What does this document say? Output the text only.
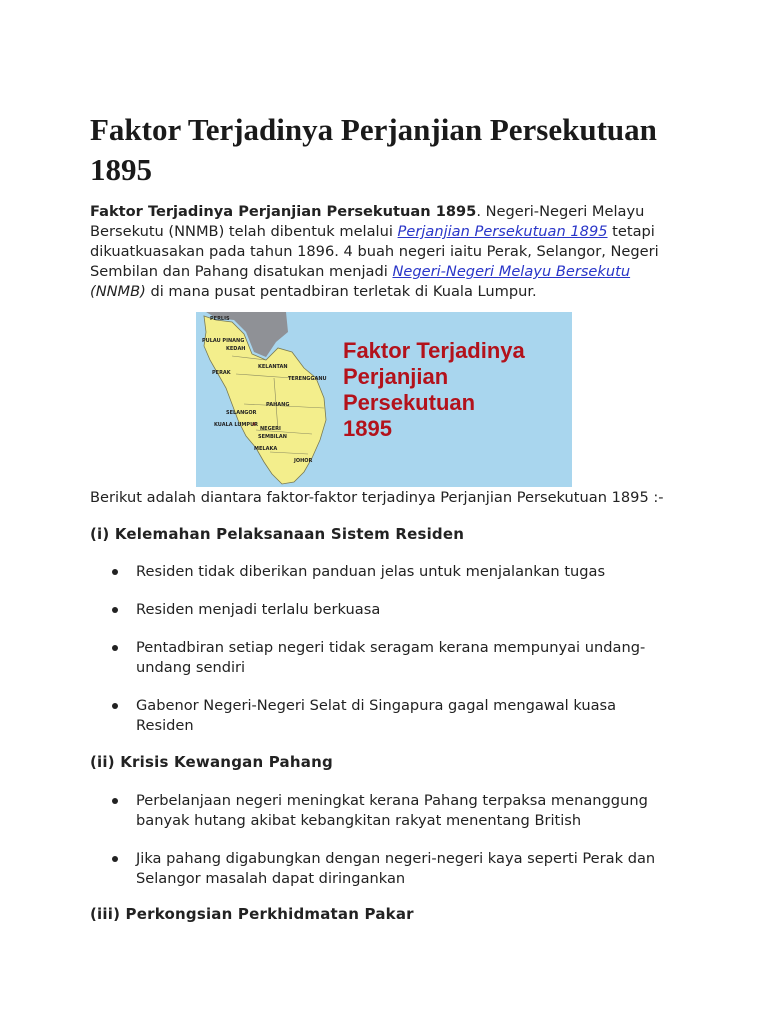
Faktor Terjadinya Perjanjian Persekutuan 1895

Faktor Terjadinya Perjanjian Persekutuan 1895. Negeri-Negeri Melayu Bersekutu (NNMB) telah dibentuk melalui Perjanjian Persekutuan 1895 tetapi dikuatkuasakan pada tahun 1896. 4 buah negeri iaitu Perak, Selangor, Negeri Sembilan dan Pahang disatukan menjadi Negeri-Negeri Melayu Bersekutu (NNMB) di mana pusat pentadbiran terletak di Kuala Lumpur.

PERLIS
KEDAH
PULAU PINANG
KELANTAN
TERENGGANU
PERAK
PAHANG
SELANGOR
KUALA LUMPUR
NEGERI
SEMBILAN
MELAKA
JOHOR
Faktor Terjadinya
Perjanjian
Persekutuan
1895

Berikut adalah diantara faktor-faktor terjadinya Perjanjian Persekutuan 1895 :-

(i) Kelemahan Pelaksanaan Sistem Residen
Residen tidak diberikan panduan jelas untuk menjalankan tugas
Residen menjadi terlalu berkuasa
Pentadbiran setiap negeri tidak seragam kerana mempunyai undang-undang sendiri
Gabenor Negeri-Negeri Selat di Singapura gagal mengawal kuasa Residen
(ii) Krisis Kewangan Pahang
Perbelanjaan negeri meningkat kerana Pahang terpaksa menanggung banyak hutang akibat kebangkitan rakyat menentang British
Jika pahang digabungkan dengan negeri-negeri kaya seperti Perak dan Selangor masalah dapat diringankan
(iii) Perkongsian Perkhidmatan Pakar
